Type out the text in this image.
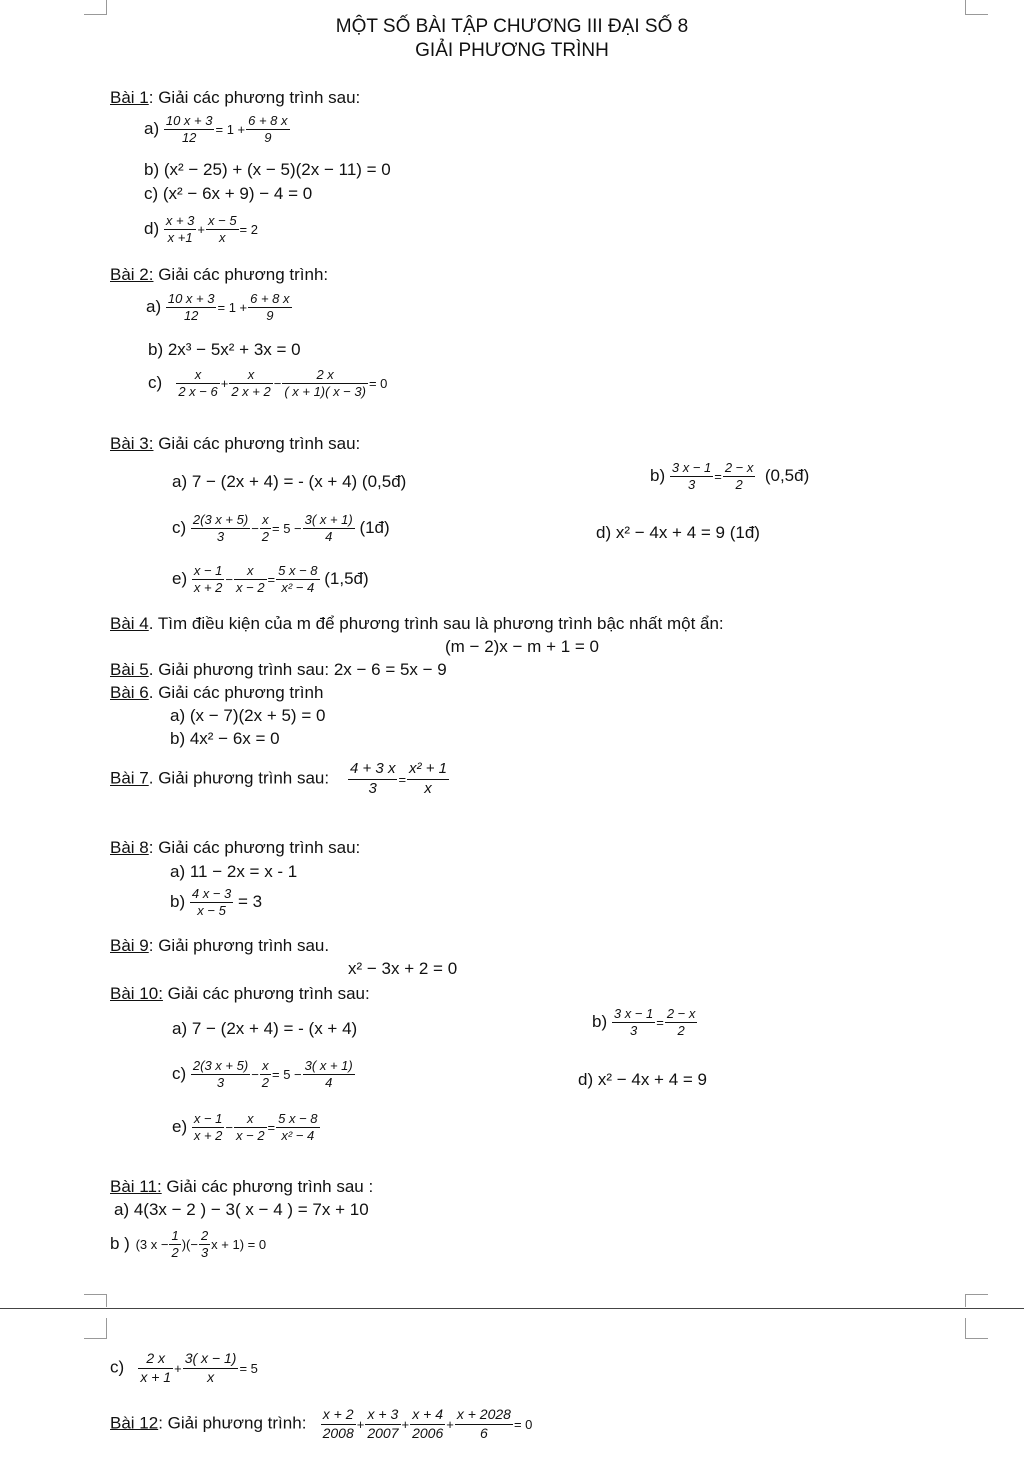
MỘT SỐ BÀI TẬP CHƯƠNG III ĐẠI SỐ 8
GIẢI PHƯƠNG TRÌNH
Bài 1: Giải các phương trình sau:
$a) \frac{10 x + 3}{12} = 1 + \frac{6 + 8 x}{9}$
b) (x² − 25) + (x − 5)(2x − 11) = 0
c) (x² − 6x + 9) − 4 = 0
$d) \frac{x + 3}{x +1} + \frac{x - 5}{x} = 2$
Bài 2: Giải các phương trình:
$a) \frac{10 x + 3}{12} = 1 + \frac{6 + 8 x}{9}$
b) 2x³ − 5x² + 3x = 0
$c) \frac{x}{2 x - 6} + \frac{x}{2 x + 2} - \frac{2 x}{( x + 1)( x - 3)} = 0$
Bài 3: Giải các phương trình sau:
a) 7 − (2x + 4) = - (x + 4) (0,5đ)	$b) \frac{3 x - 1}{3} = \frac{2 - x}{2}$ (0,5đ)
$c) \frac{2(3 x + 5)}{3} - \frac{x}{2} = 5 - \frac{3( x + 1)}{4}$ (1đ)	d) x² − 4x + 4 = 9 (1đ)
$e) \frac{x - 1}{x + 2} - \frac{x}{x - 2} = \frac{5 x - 8}{\text{x² − 4}}$ (1,5đ)
Bài 4. Tìm điều kiện của m để phương trình sau là phương trình bậc nhất một ẩn:
(m − 2)x − m + 1 = 0
Bài 5. Giải phương trình sau: 2x − 6 = 5x − 9
Bài 6. Giải các phương trình
a) (x − 7)(2x + 5) = 0
b) 4x² − 6x = 0
Bài 7. Giải phương trình sau: $\frac{4 + 3 x}{3} = \frac{\text{x² + 1}}{x}$
Bài 8: Giải các phương trình sau:
a) 11 − 2x = x - 1
$b) \frac{4 x - 3}{x - 5} = 3$
Bài 9: Giải phương trình sau.
x² − 3x + 2 = 0
Bài 10: Giải các phương trình sau:
a) 7 − (2x + 4) = - (x + 4)	$b) \frac{3 x - 1}{3} = \frac{2 - x}{2}$
$c) \frac{2(3 x + 5)}{3} - \frac{x}{2} = 5 - \frac{3( x + 1)}{4}$	d) x² − 4x + 4 = 9
$e) \frac{x - 1}{x + 2} - \frac{x}{x - 2} = \frac{5 x - 8}{\text{x² − 4}}$
Bài 11: Giải các phương trình sau :
a) 4(3x − 2 ) − 3( x − 4 ) = 7x + 10
b ) (3 $x - \frac{1}{2}$ )(− $\frac{2}{3}$ x + 1) = 0
$c) \frac{2 x}{x + 1} + \frac{3( x - 1)}{x} = 5$
Bài 12: Giải phương trình: $\frac{x + 2}{2008} + \frac{x + 3}{2007} + \frac{x + 4}{2006} + \frac{x + 2028}{6} = 0$
